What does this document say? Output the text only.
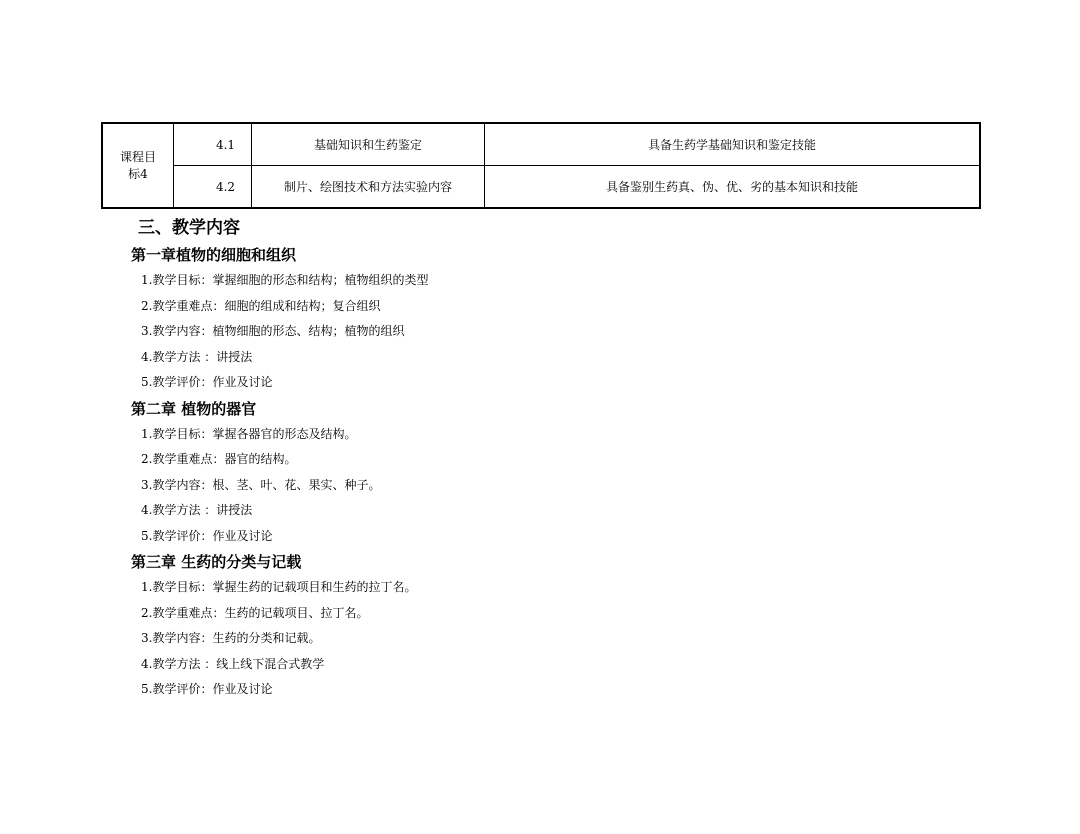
课程目标4	4.1	基础知识和生药鉴定	具备生药学基础知识和鉴定技能
	4.2	制片、绘图技术和方法实验内容	具备鉴别生药真、伪、优、劣的基本知识和技能
三、教学内容
第一章植物的细胞和组织
1.教学目标：掌握细胞的形态和结构；植物组织的类型
2.教学重难点：细胞的组成和结构；复合组织
3.教学内容：植物细胞的形态、结构；植物的组织
4.教学方法 ：讲授法
5.教学评价：作业及讨论
第二章 植物的器官
1.教学目标：掌握各器官的形态及结构。
2.教学重难点：器官的结构。
3.教学内容：根、茎、叶、花、果实、种子。
4.教学方法 ：讲授法
5.教学评价：作业及讨论
第三章 生药的分类与记载
1.教学目标：掌握生药的记载项目和生药的拉丁名。
2.教学重难点：生药的记载项目、拉丁名。
3.教学内容：生药的分类和记载。
4.教学方法 ：线上线下混合式教学
5.教学评价：作业及讨论
